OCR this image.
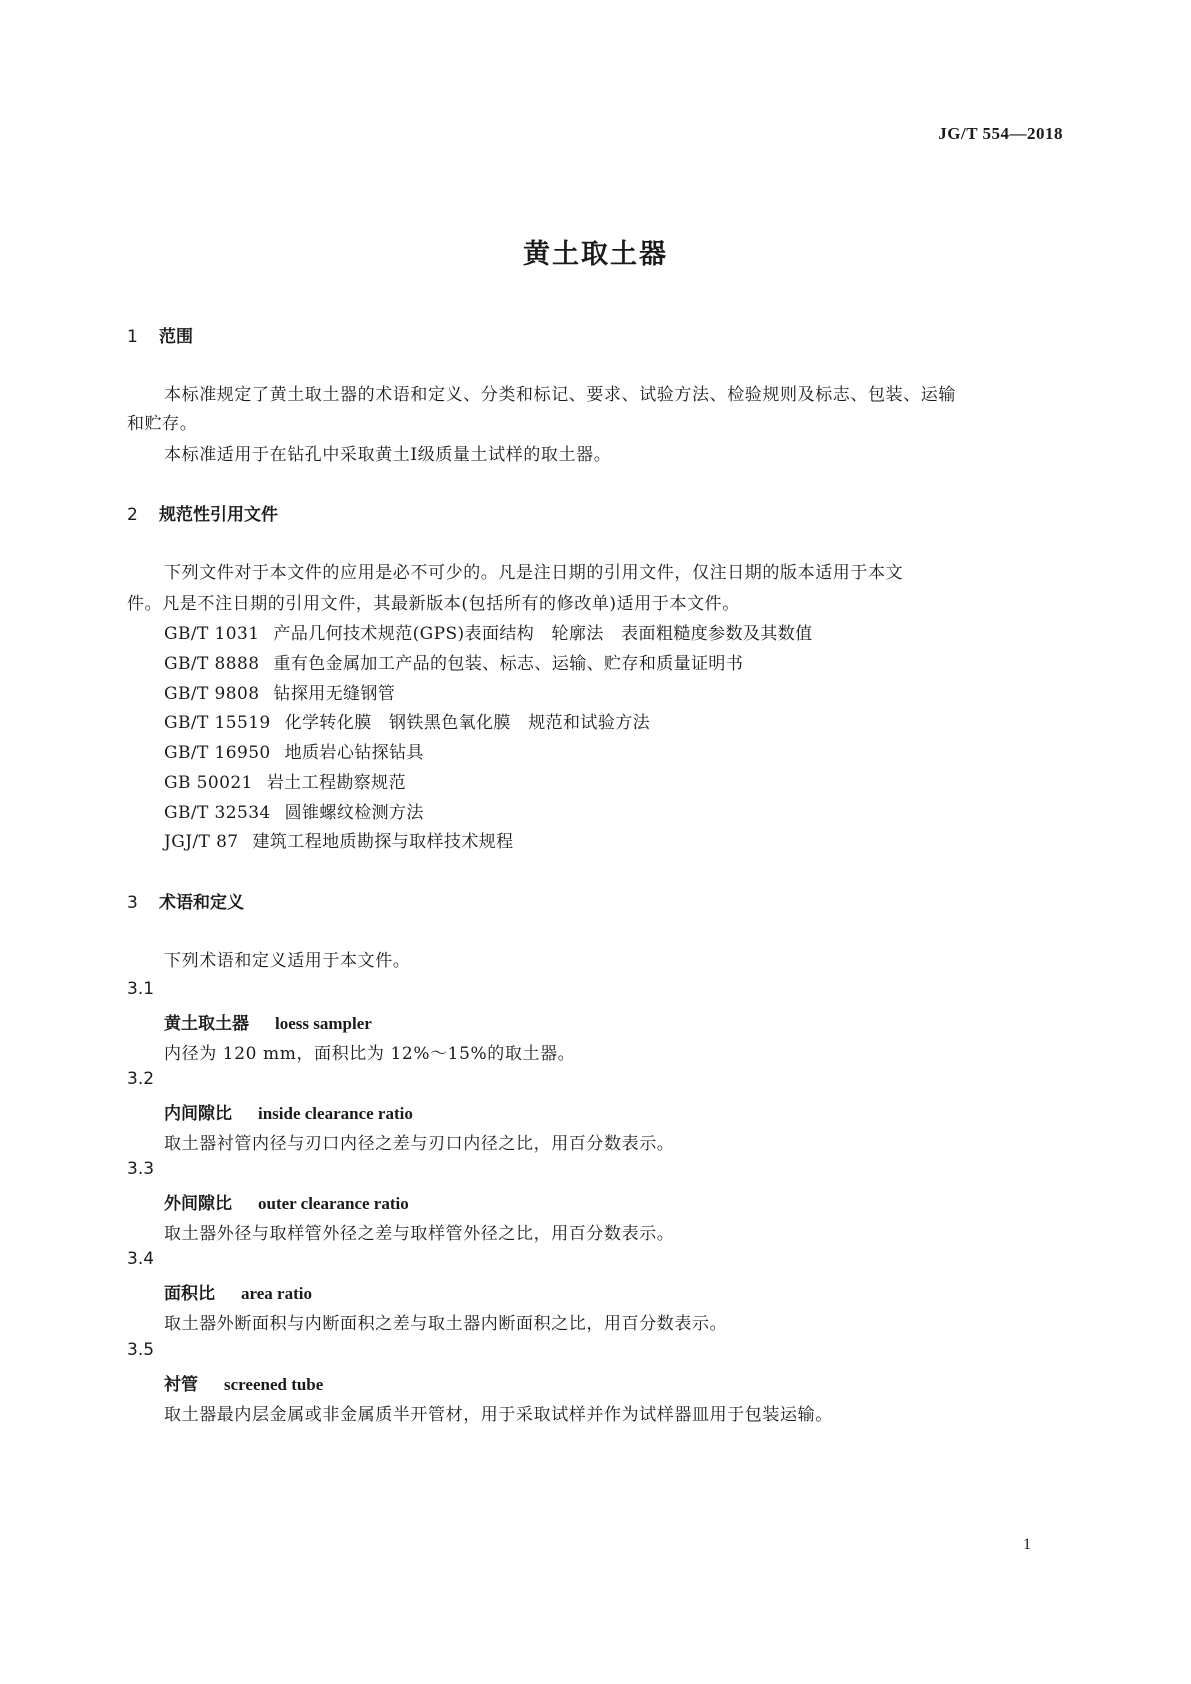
JG/T 554—2018
黄土取土器
1 范围
本标准规定了黄土取土器的术语和定义、分类和标记、要求、试验方法、检验规则及标志、包装、运输
和贮存。
本标准适用于在钻孔中采取黄土Ⅰ级质量土试样的取土器。
2 规范性引用文件
下列文件对于本文件的应用是必不可少的。凡是注日期的引用文件，仅注日期的版本适用于本文
件。凡是不注日期的引用文件，其最新版本(包括所有的修改单)适用于本文件。
GB/T 1031 产品几何技术规范(GPS)表面结构　轮廓法　表面粗糙度参数及其数值
GB/T 8888 重有色金属加工产品的包装、标志、运输、贮存和质量证明书
GB/T 9808 钻探用无缝钢管
GB/T 15519 化学转化膜　钢铁黑色氧化膜　规范和试验方法
GB/T 16950 地质岩心钻探钻具
GB 50021 岩土工程勘察规范
GB/T 32534 圆锥螺纹检测方法
JGJ/T 87 建筑工程地质勘探与取样技术规程
3 术语和定义
下列术语和定义适用于本文件。
3.1
黄土取土器 loess sampler
内径为 120 mm，面积比为 12%～15%的取土器。
3.2
内间隙比 inside clearance ratio
取土器衬管内径与刃口内径之差与刃口内径之比，用百分数表示。
3.3
外间隙比 outer clearance ratio
取土器外径与取样管外径之差与取样管外径之比，用百分数表示。
3.4
面积比 area ratio
取土器外断面积与内断面积之差与取土器内断面积之比，用百分数表示。
3.5
衬管 screened tube
取土器最内层金属或非金属质半开管材，用于采取试样并作为试样器皿用于包装运输。
1
